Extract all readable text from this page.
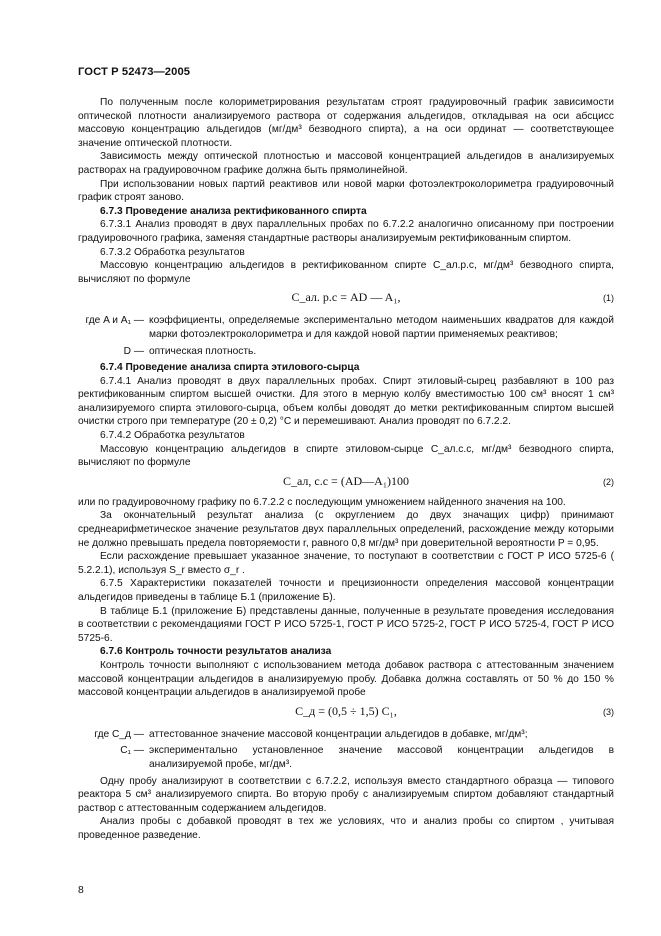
ГОСТ Р 52473—2005

По полученным после колориметрирования результатам строят градуировочный график зависимости оптической плотности анализируемого раствора от содержания альдегидов, откладывая на оси абсцисс массовую концентрацию альдегидов (мг/дм³ безводного спирта), а на оси ординат — соответствующее значение оптической плотности.

Зависимость между оптической плотностью и массовой концентрацией альдегидов в анализируемых растворах на градуировочном графике должна быть прямолинейной.

При использовании новых партий реактивов или новой марки фотоэлектроколориметра градуировочный график строят заново.

6.7.3 Проведение анализа ректификованного спирта

6.7.3.1 Анализ проводят в двух параллельных пробах по 6.7.2.2 аналогично описанному при построении градуировочного графика, заменяя стандартные растворы анализируемым ректификованным спиртом.

6.7.3.2 Обработка результатов

Массовую концентрацию альдегидов в ректификованном спирте C_ал.р.с, мг/дм³ безводного спирта, вычисляют по формуле

C_ал. р.с = AD — A₁,	(1)
где A и A₁ — коэффициенты, определяемые экспериментально методом наименьших квадратов для каждой марки фотоэлектроколориметра и для каждой новой партии применяемых реактивов;
D — оптическая плотность.

6.7.4 Проведение анализа спирта этилового-сырца

6.7.4.1 Анализ проводят в двух параллельных пробах. Спирт этиловый-сырец разбавляют в 100 раз ректификованным спиртом высшей очистки. Для этого в мерную колбу вместимостью 100 см³ вносят 1 см³ анализируемого спирта этилового-сырца, объем колбы доводят до метки ректификованным спиртом высшей очистки строго при температуре (20 ± 0,2) °С и перемешивают. Анализ проводят по 6.7.2.2.

6.7.4.2 Обработка результатов

Массовую концентрацию альдегидов в спирте этиловом-сырце C_ал.с.с, мг/дм³ безводного спирта, вычисляют по формуле

C_ал, с.с = (AD—A₁)100	(2)

или по градуировочному графику по 6.7.2.2 с последующим умножением найденного значения на 100.

За окончательный результат анализа (с округлением до двух значащих цифр) принимают среднеарифметическое значение результатов двух параллельных определений, расхождение между которыми не должно превышать предела повторяемости r, равного 0,8 мг/дм³ при доверительной вероятности P = 0,95.

Если расхождение превышает указанное значение, то поступают в соответствии с ГОСТ Р ИСО 5725-6 ( 5.2.2.1), используя S_r вместо σ_r .

6.7.5 Характеристики показателей точности и прецизионности определения массовой концентрации альдегидов приведены в таблице Б.1 (приложение Б).

В таблице Б.1 (приложение Б) представлены данные, полученные в результате проведения исследования в соответствии с рекомендациями ГОСТ Р ИСО 5725-1, ГОСТ Р ИСО 5725-2, ГОСТ Р ИСО 5725-4, ГОСТ Р ИСО 5725-6.

6.7.6 Контроль точности результатов анализа

Контроль точности выполняют с использованием метода добавок раствора с аттестованным значением массовой концентрации альдегидов в анализируемую пробу. Добавка должна составлять от 50 % до 150 % массовой концентрации альдегидов в анализируемой пробе

C_д = (0,5 ÷ 1,5) C₁,	(3)
где C_д — аттестованное значение массовой концентрации альдегидов в добавке, мг/дм³;
C₁ — экспериментально установленное значение массовой концентрации альдегидов в анализируемой пробе, мг/дм³.

Одну пробу анализируют в соответствии с 6.7.2.2, используя вместо стандартного образца — типового реактора 5 см³ анализируемого спирта. Во вторую пробу с анализируемым спиртом добавляют стандартный раствор с аттестованным содержанием альдегидов.

Анализ пробы с добавкой проводят в тех же условиях, что и анализ пробы со спиртом , учитывая проведенное разведение.

8
